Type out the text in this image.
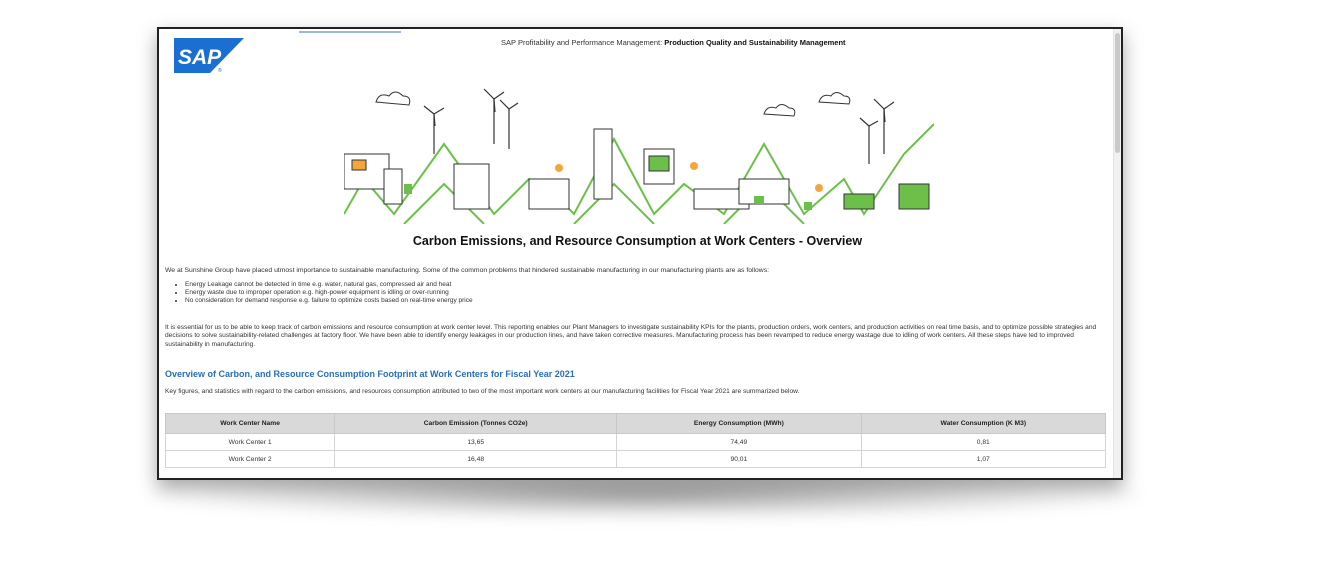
SAP
®
SAP Profitability and Performance Management: Production Quality and Sustainability Management
Carbon Emissions, and Resource Consumption at Work Centers - Overview
We at Sunshine Group have placed utmost importance to sustainable manufacturing. Some of the common problems that hindered sustainable manufacturing in our manufacturing plants are as follows:
• Energy Leakage cannot be detected in time e.g. water, natural gas, compressed air and heat
• Energy waste due to improper operation e.g. high-power equipment is idling or over-running
• No consideration for demand response e.g. failure to optimize costs based on real-time energy price
It is essential for us to be able to keep track of carbon emissions and resource consumption at work center level. This reporting enables our Plant Managers to investigate sustainability KPIs for the plants, production orders, work centers, and production activities on real time basis, and to optimize possible strategies and decisions to solve sustainability-related challenges at factory floor. We have been able to identify energy leakages in our production lines, and have taken corrective measures. Manufacturing process has been revamped to reduce energy wastage due to idling of work centers. All these steps have led to improved sustainability in manufacturing.
Overview of Carbon, and Resource Consumption Footprint at Work Centers for Fiscal Year 2021
Key figures, and statistics with regard to the carbon emissions, and resources consumption attributed to two of the most important work centers at our manufacturing facilities for Fiscal Year 2021 are summarized below.
Work Center Name	Carbon Emission (Tonnes CO2e)	Energy Consumption (MWh)	Water Consumption (K M3)
Work Center 1	13,65	74,49	0,81
Work Center 2	16,48	90,01	1,07
